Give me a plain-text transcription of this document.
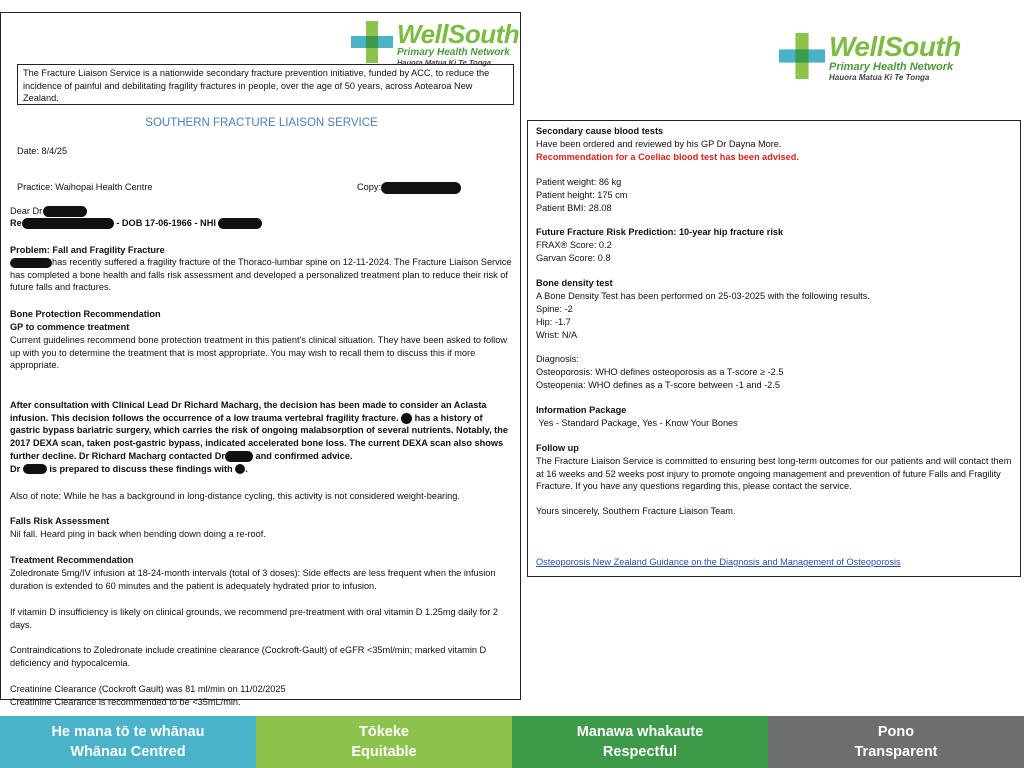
WellSouth
Primary Health Network
Hauora Matua Ki Te Tonga
The Fracture Liaison Service is a nationwide secondary fracture prevention initiative, funded by ACC, to reduce the incidence of painful and debilitating fragility fractures in people, over the age of 50 years, across Aotearoa New Zealand.
SOUTHERN FRACTURE LIAISON SERVICE
Date: 8/4/25
Practice: Waihopai Health Centre	Copy:
Dear Dr
Re	- DOB 17-06-1966 - NHI
Problem: Fall and Fragility Fracture
has recently suffered a fragility fracture of the Thoraco-lumbar spine on 12-11-2024. The Fracture Liaison Service has completed a bone health and falls risk assessment and developed a personalized treatment plan to reduce their risk of future falls and fractures.
Bone Protection Recommendation
GP to commence treatment
Current guidelines recommend bone protection treatment in this patient's clinical situation. They have been asked to follow up with you to determine the treatment that is most appropriate. You may wish to recall them to discuss this if more appropriate.
After consultation with Clinical Lead Dr Richard Macharg, the decision has been made to consider an Aclasta infusion. This decision follows the occurrence of a low trauma vertebral fragility fracture. has a history of gastric bypass bariatric surgery, which carries the risk of ongoing malabsorption of several nutrients. Notably, the 2017 DEXA scan, taken post-gastric bypass, indicated accelerated bone loss. The current DEXA scan also shows further decline. Dr Richard Macharg contacted Dr	and confirmed advice.
Dr	is prepared to discuss these findings with .
Also of note: While he has a background in long-distance cycling, this activity is not considered weight-bearing.
Falls Risk Assessment
Nil fall. Heard ping in back when bending down doing a re-roof.
Treatment Recommendation
Zoledronate 5mg/IV infusion at 18-24-month intervals (total of 3 doses): Side effects are less frequent when the infusion duration is extended to 60 minutes and the patient is adequately hydrated prior to infusion.
If vitamin D insufficiency is likely on clinical grounds, we recommend pre-treatment with oral vitamin D 1.25mg daily for 2 days.
Contraindications to Zoledronate include creatinine clearance (Cockroft-Gault) of eGFR <35ml/min; marked vitamin D deficiency and hypocalcemia.
Creatinine Clearance (Cockroft Gault) was 81 ml/min on 11/02/2025
Creatinine Clearance is recommended to be <35mL/min.
WellSouth
Primary Health Network
Hauora Matua Ki Te Tonga
Secondary cause blood tests
Have been ordered and reviewed by his GP Dr Dayna More.
Recommendation for a Coeliac blood test has been advised.
Patient weight: 86 kg
Patient height: 175 cm
Patient BMI: 28.08
Future Fracture Risk Prediction: 10-year hip fracture risk
FRAX® Score: 0.2
Garvan Score: 0.8
Bone density test
A Bone Density Test has been performed on 25-03-2025 with the following results.
Spine: -2
Hip: -1.7
Wrist: N/A
Diagnosis:
Osteoporosis: WHO defines osteoporosis as a T-score ≥ -2.5
Osteopenia: WHO defines as a T-score between -1 and -2.5
Information Package
Yes - Standard Package, Yes - Know Your Bones
Follow up
The Fracture Liaison Service is committed to ensuring best long-term outcomes for our patients and will contact them at 16 weeks and 52 weeks post injury to promote ongoing management and prevention of future Falls and Fragility Fracture. If you have any questions regarding this, please contact the service.
Yours sincerely, Southern Fracture Liaison Team.
Osteoporosis New Zealand Guidance on the Diagnosis and Management of Osteoporosis
He mana tō te whānau
Whānau Centred
Tōkeke
Equitable
Manawa whakaute
Respectful
Pono
Transparent
